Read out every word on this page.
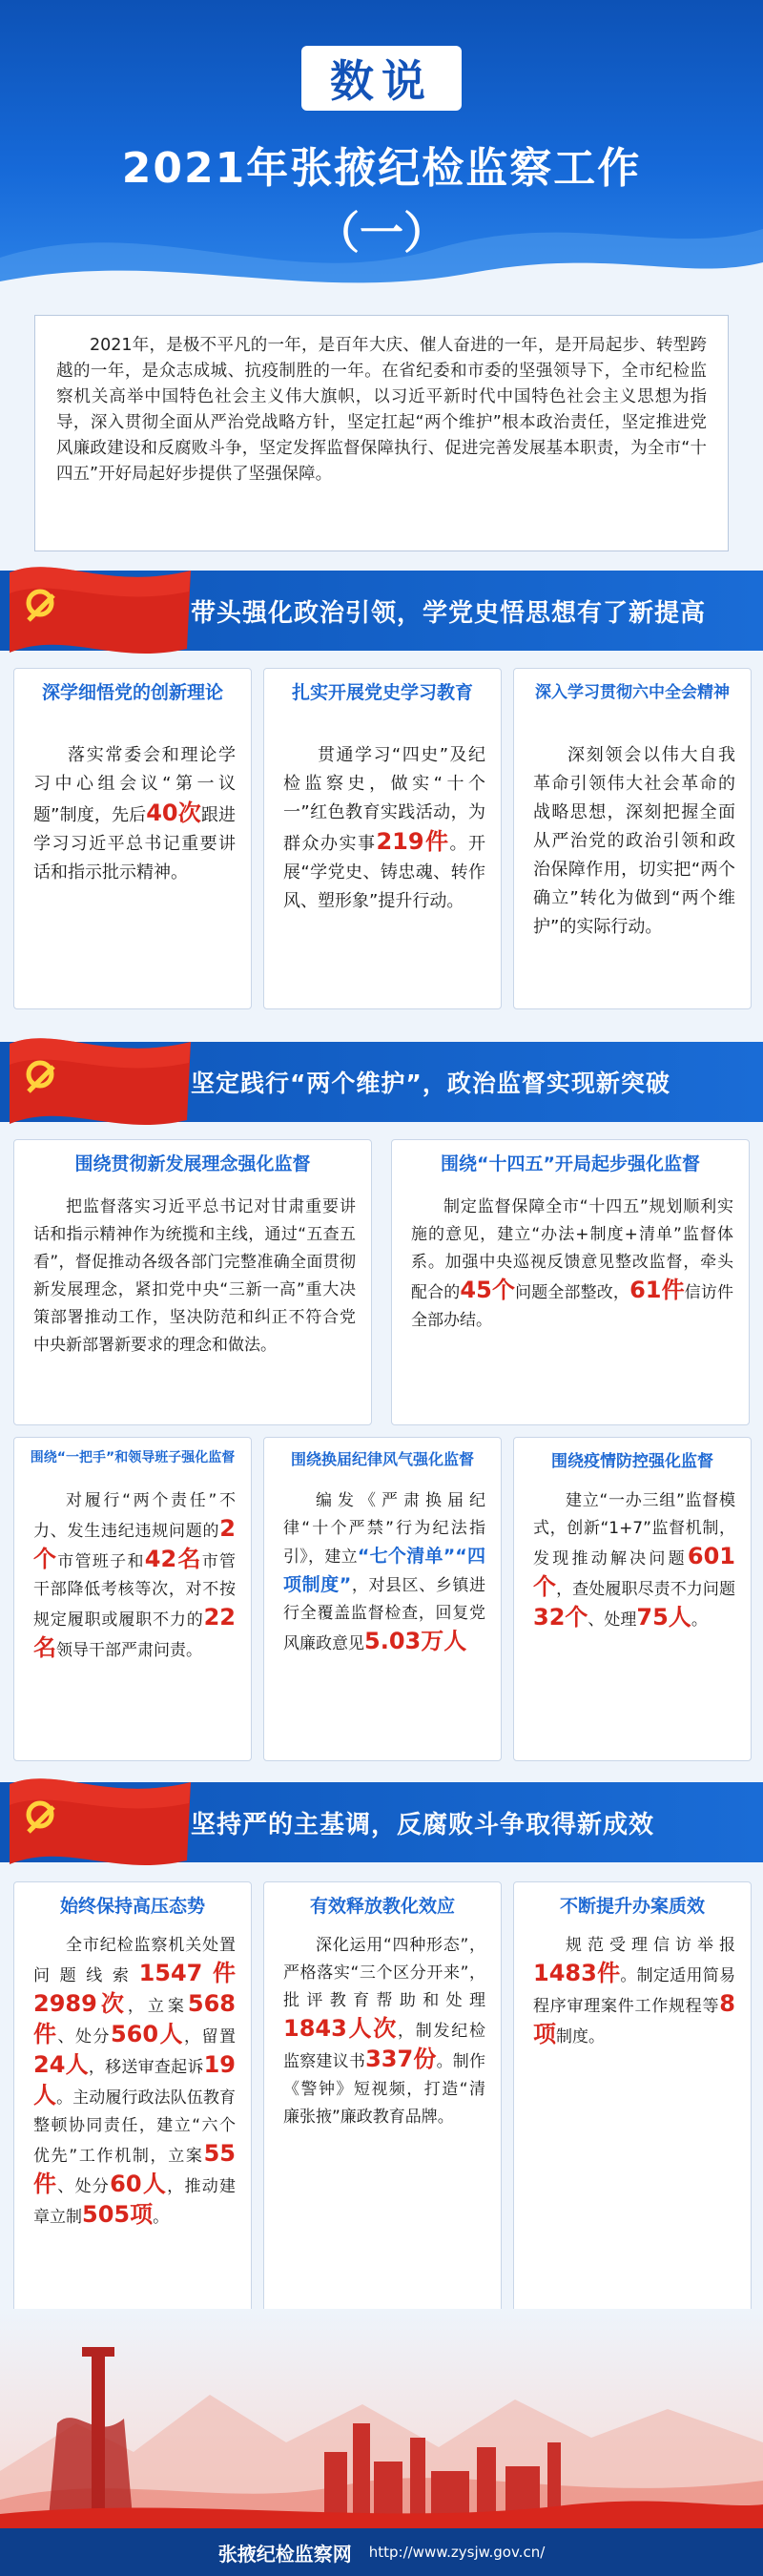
数说
2021年张掖纪检监察工作
（一）
2021年，是极不平凡的一年，是百年大庆、催人奋进的一年，是开局起步、转型跨越的一年，是众志成城、抗疫制胜的一年。在省纪委和市委的坚强领导下，全市纪检监察机关高举中国特色社会主义伟大旗帜，以习近平新时代中国特色社会主义思想为指导，深入贯彻全面从严治党战略方针，坚定扛起“两个维护”根本政治责任，坚定推进党风廉政建设和反腐败斗争，坚定发挥监督保障执行、促进完善发展基本职责，为全市“十四五”开好局起好步提供了坚强保障。
带头强化政治引领，学党史悟思想有了新提高
深学细悟党的创新理论
落实常委会和理论学习中心组会议“第一议题”制度，先后40次跟进学习习近平总书记重要讲话和指示批示精神。
扎实开展党史学习教育
贯通学习“四史”及纪检监察史，做实“十个一”红色教育实践活动，为群众办实事219件。开展“学党史、铸忠魂、转作风、塑形象”提升行动。
深入学习贯彻六中全会精神
深刻领会以伟大自我革命引领伟大社会革命的战略思想，深刻把握全面从严治党的政治引领和政治保障作用，切实把“两个确立”转化为做到“两个维护”的实际行动。
坚定践行“两个维护”，政治监督实现新突破
围绕贯彻新发展理念强化监督
把监督落实习近平总书记对甘肃重要讲话和指示精神作为统揽和主线，通过“五查五看”，督促推动各级各部门完整准确全面贯彻新发展理念，紧扣党中央“三新一高”重大决策部署推动工作，坚决防范和纠正不符合党中央新部署新要求的理念和做法。
围绕“十四五”开局起步强化监督
制定监督保障全市“十四五”规划顺利实施的意见，建立“办法+制度+清单”监督体系。加强中央巡视反馈意见整改监督，牵头配合的45个问题全部整改，61件信访件全部办结。
围绕“一把手”和领导班子强化监督
对履行“两个责任”不力、发生违纪违规问题的2个市管班子和42名市管干部降低考核等次，对不按规定履职或履职不力的22名领导干部严肃问责。
围绕换届纪律风气强化监督
编发《严肃换届纪律“十个严禁”行为纪法指引》，建立“七个清单”“四项制度”，对县区、乡镇进行全覆盖监督检查，回复党风廉政意见5.03万人
围绕疫情防控强化监督
建立“一办三组”监督模式，创新“1+7”监督机制，发现推动解决问题601个，查处履职尽责不力问题32个、处理75人。
坚持严的主基调，反腐败斗争取得新成效
始终保持高压态势
全市纪检监察机关处置问题线索1547件2989次，立案568件、处分560人，留置24人，移送审查起诉19人。主动履行政法队伍教育整顿协同责任，建立“六个优先”工作机制，立案55件、处分60人，推动建章立制505项。
有效释放教化效应
深化运用“四种形态”，严格落实“三个区分开来”，批评教育帮助和处理1843人次，制发纪检监察建议书337份。制作《警钟》短视频，打造“清廉张掖”廉政教育品牌。
不断提升办案质效
规范受理信访举报1483件。制定适用简易程序审理案件工作规程等8项制度。
张掖纪检监察网 http://www.zysjw.gov.cn/
